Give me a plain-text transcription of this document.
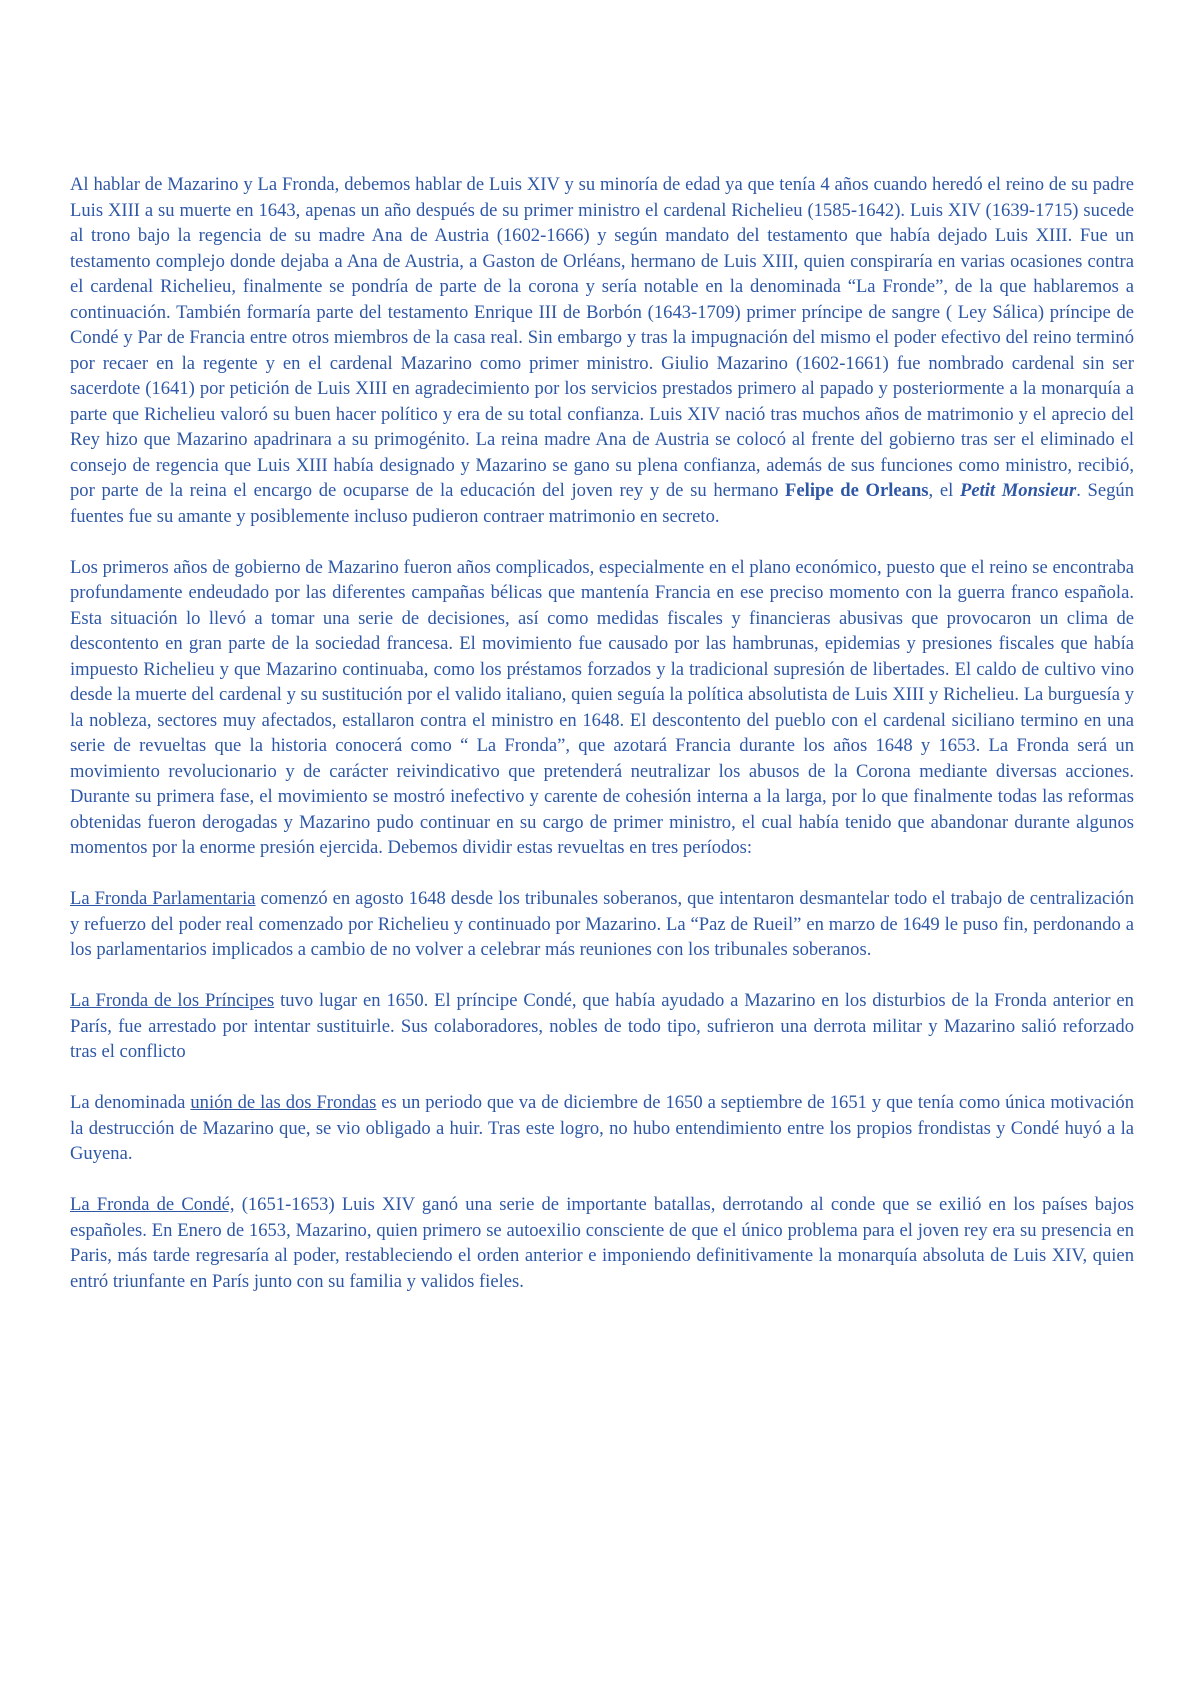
Al hablar de Mazarino y La Fronda, debemos hablar de Luis XIV y su minoría de edad ya que tenía 4 años cuando heredó el reino de su padre Luis XIII a su muerte en 1643, apenas un año después de su primer ministro el cardenal Richelieu (1585-1642). Luis XIV (1639-1715) sucede al trono bajo la regencia de su madre Ana de Austria (1602-1666) y según mandato del testamento que había dejado Luis XIII. Fue un testamento complejo donde dejaba a Ana de Austria, a Gaston de Orléans, hermano de Luis XIII, quien conspiraría en varias ocasiones contra el cardenal Richelieu, finalmente se pondría de parte de la corona y sería notable en la denominada “La Fronde”, de la que hablaremos a continuación. También formaría parte del testamento Enrique III de Borbón (1643-1709) primer príncipe de sangre ( Ley Sálica) príncipe de Condé y Par de Francia entre otros miembros de la casa real. Sin embargo y tras la impugnación del mismo el poder efectivo del reino terminó por recaer en la regente y en el cardenal Mazarino como primer ministro. Giulio Mazarino (1602-1661) fue nombrado cardenal sin ser sacerdote (1641) por petición de Luis XIII en agradecimiento por los servicios prestados primero al papado y posteriormente a la monarquía a parte que Richelieu valoró su buen hacer político y era de su total confianza. Luis XIV nació tras muchos años de matrimonio y el aprecio del Rey hizo que Mazarino apadrinara a su primogénito. La reina madre Ana de Austria se colocó al frente del gobierno tras ser el eliminado el consejo de regencia que Luis XIII había designado y Mazarino se gano su plena confianza, además de sus funciones como ministro, recibió, por parte de la reina el encargo de ocuparse de la educación del joven rey y de su hermano Felipe de Orleans, el Petit Monsieur. Según fuentes fue su amante y posiblemente incluso pudieron contraer matrimonio en secreto.

Los primeros años de gobierno de Mazarino fueron años complicados, especialmente en el plano económico, puesto que el reino se encontraba profundamente endeudado por las diferentes campañas bélicas que mantenía Francia en ese preciso momento con la guerra franco española. Esta situación lo llevó a tomar una serie de decisiones, así como medidas fiscales y financieras abusivas que provocaron un clima de descontento en gran parte de la sociedad francesa. El movimiento fue causado por las hambrunas, epidemias y presiones fiscales que había impuesto Richelieu y que Mazarino continuaba, como los préstamos forzados y la tradicional supresión de libertades. El caldo de cultivo vino desde la muerte del cardenal y su sustitución por el valido italiano, quien seguía la política absolutista de Luis XIII y Richelieu. La burguesía y la nobleza, sectores muy afectados, estallaron contra el ministro en 1648. El descontento del pueblo con el cardenal siciliano termino en una serie de revueltas que la historia conocerá como “ La Fronda”, que azotará Francia durante los años 1648 y 1653. La Fronda será un movimiento revolucionario y de carácter reivindicativo que pretenderá neutralizar los abusos de la Corona mediante diversas acciones. Durante su primera fase, el movimiento se mostró inefectivo y carente de cohesión interna a la larga, por lo que finalmente todas las reformas obtenidas fueron derogadas y Mazarino pudo continuar en su cargo de primer ministro, el cual había tenido que abandonar durante algunos momentos por la enorme presión ejercida. Debemos dividir estas revueltas en tres períodos:

La Fronda Parlamentaria comenzó en agosto 1648 desde los tribunales soberanos, que intentaron desmantelar todo el trabajo de centralización y refuerzo del poder real comenzado por Richelieu y continuado por Mazarino. La “Paz de Rueil” en marzo de 1649 le puso fin, perdonando a los parlamentarios implicados a cambio de no volver a celebrar más reuniones con los tribunales soberanos.

La Fronda de los Príncipes tuvo lugar en 1650. El príncipe Condé, que había ayudado a Mazarino en los disturbios de la Fronda anterior en París, fue arrestado por intentar sustituirle. Sus colaboradores, nobles de todo tipo, sufrieron una derrota militar y Mazarino salió reforzado tras el conflicto

La denominada unión de las dos Frondas es un periodo que va de diciembre de 1650 a septiembre de 1651 y que tenía como única motivación la destrucción de Mazarino que, se vio obligado a huir. Tras este logro, no hubo entendimiento entre los propios frondistas y Condé huyó a la Guyena.

La Fronda de Condé, (1651-1653) Luis XIV ganó una serie de importante batallas, derrotando al conde que se exilió en los países bajos españoles. En Enero de 1653, Mazarino, quien primero se autoexilio consciente de que el único problema para el joven rey era su presencia en Paris, más tarde regresaría al poder, restableciendo el orden anterior e imponiendo definitivamente la monarquía absoluta de Luis XIV, quien entró triunfante en París junto con su familia y validos fieles.
